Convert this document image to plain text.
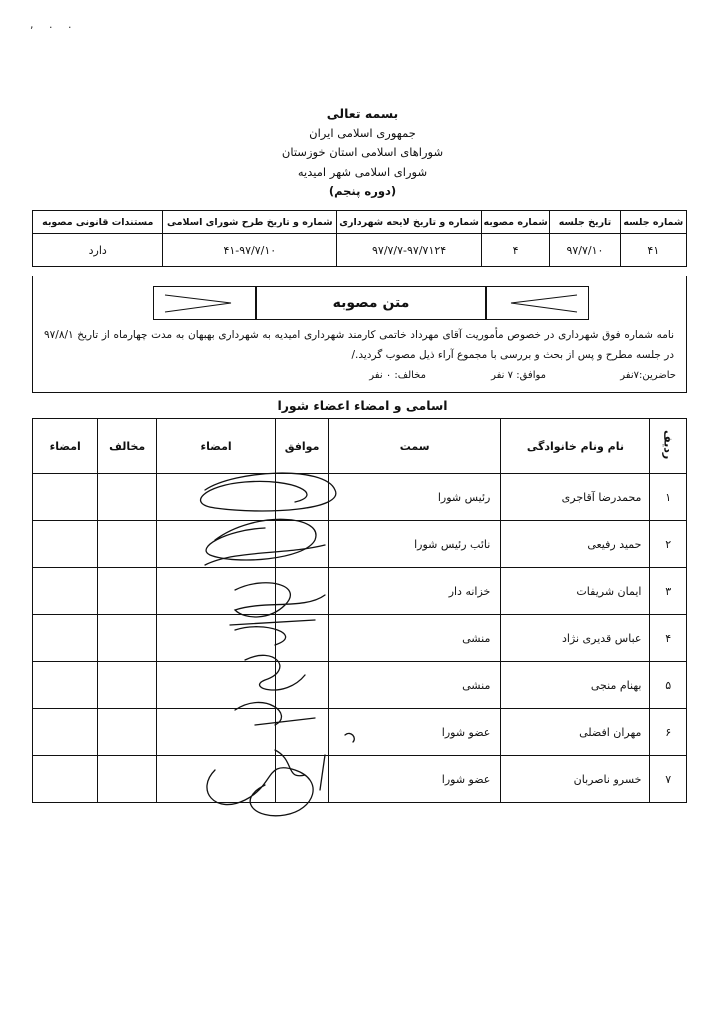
, . .
بسمه تعالی
جمهوری اسلامی ایران
شوراهای اسلامی استان خوزستان
شورای اسلامی شهر امیدیه
(دوره پنجم)
شماره جلسه	تاریخ جلسه	شماره مصوبه	شماره و تاریخ لایحه شهرداری	شماره و تاریخ طرح شورای اسلامی	مستندات قانونی مصوبه
۴۱	۹۷/۷/۱۰	۴	۹۷/۷/۷-۹۷/۷۱۲۴	۴۱-۹۷/۷/۱۰	دارد
متن مصوبه
نامه شماره فوق شهرداری در خصوص مأموریت آقای مهرداد خاتمی کارمند شهرداری امیدیه به شهرداری بهبهان به مدت چهارماه از تاریخ ۹۷/۸/۱ در جلسه مطرح و پس از بحث و بررسی با مجموع آراء ذیل مصوب گردید./
حاضرین:۷نفر
موافق: ۷ نفر
مخالف: ۰ نفر
اسامی و امضاء اعضاء شورا
ردیف	نام ونام خانوادگی	سمت	موافق	امضاء	مخالف	امضاء
۱	محمدرضا آقاجری	رئیس شورا				
۲	حمید رفیعی	نائب رئیس شورا				
۳	ایمان شریفات	خزانه دار				
۴	عباس قدیری نژاد	منشی				
۵	بهنام منجی	منشی				
۶	مهران افضلی	عضو شورا				
۷	خسرو ناصربان	عضو شورا				
